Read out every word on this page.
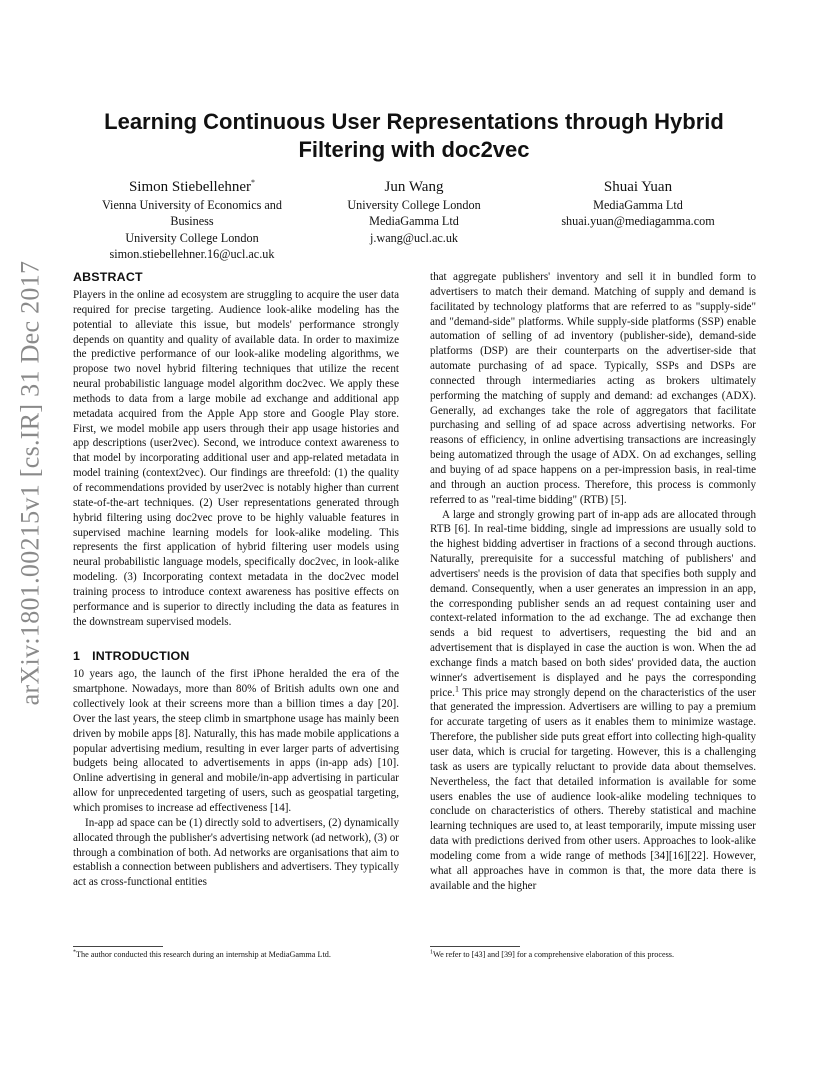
arXiv:1801.00215v1 [cs.IR] 31 Dec 2017
Learning Continuous User Representations through Hybrid Filtering with doc2vec
Simon Stiebellehner*
Vienna University of Economics and
Business
University College London
simon.stiebellehner.16@ucl.ac.uk
Jun Wang
University College London
MediaGamma Ltd
j.wang@ucl.ac.uk
Shuai Yuan
MediaGamma Ltd
shuai.yuan@mediagamma.com
ABSTRACT

Players in the online ad ecosystem are struggling to acquire the user data required for precise targeting. Audience look-alike modeling has the potential to alleviate this issue, but models' performance strongly depends on quantity and quality of available data. In order to maximize the predictive performance of our look-alike modeling algorithms, we propose two novel hybrid filtering techniques that utilize the recent neural probabilistic language model algorithm doc2vec. We apply these methods to data from a large mobile ad exchange and additional app metadata acquired from the Apple App store and Google Play store. First, we model mobile app users through their app usage histories and app descriptions (user2vec). Second, we introduce context awareness to that model by incorporating additional user and app-related metadata in model training (context2vec). Our findings are threefold: (1) the quality of recommendations provided by user2vec is notably higher than current state-of-the-art techniques. (2) User representations generated through hybrid filtering using doc2vec prove to be highly valuable features in supervised machine learning models for look-alike modeling. This represents the first application of hybrid filtering user models using neural probabilistic language models, specifically doc2vec, in look-alike modeling. (3) Incorporating context metadata in the doc2vec model training process to introduce context awareness has positive effects on performance and is superior to directly including the data as features in the downstream supervised models.

1 INTRODUCTION

10 years ago, the launch of the first iPhone heralded the era of the smartphone. Nowadays, more than 80% of British adults own one and collectively look at their screens more than a billion times a day [20]. Over the last years, the steep climb in smartphone usage has mainly been driven by mobile apps [8]. Naturally, this has made mobile applications a popular advertising medium, resulting in ever larger parts of advertising budgets being allocated to advertisements in apps (in-app ads) [10]. Online advertising in general and mobile/in-app advertising in particular allow for unprecedented targeting of users, such as geospatial targeting, which promises to increase ad effectiveness [14].

In-app ad space can be (1) directly sold to advertisers, (2) dynamically allocated through the publisher's advertising network (ad network), (3) or through a combination of both. Ad networks are organisations that aim to establish a connection between publishers and advertisers. They typically act as cross-functional entities

that aggregate publishers' inventory and sell it in bundled form to advertisers to match their demand. Matching of supply and demand is facilitated by technology platforms that are referred to as "supply-side" and "demand-side" platforms. While supply-side platforms (SSP) enable automation of selling of ad inventory (publisher-side), demand-side platforms (DSP) are their counterparts on the advertiser-side that automate purchasing of ad space. Typically, SSPs and DSPs are connected through intermediaries acting as brokers ultimately performing the matching of supply and demand: ad exchanges (ADX). Generally, ad exchanges take the role of aggregators that facilitate purchasing and selling of ad space across advertising networks. For reasons of efficiency, in online advertising transactions are increasingly being automatized through the usage of ADX. On ad exchanges, selling and buying of ad space happens on a per-impression basis, in real-time and through an auction process. Therefore, this process is commonly referred to as "real-time bidding" (RTB) [5].

A large and strongly growing part of in-app ads are allocated through RTB [6]. In real-time bidding, single ad impressions are usually sold to the highest bidding advertiser in fractions of a second through auctions. Naturally, prerequisite for a successful matching of publishers' and advertisers' needs is the provision of data that specifies both supply and demand. Consequently, when a user generates an impression in an app, the corresponding publisher sends an ad request containing user and context-related information to the ad exchange. The ad exchange then sends a bid request to advertisers, requesting the bid and an advertisement that is displayed in case the auction is won. When the ad exchange finds a match based on both sides' provided data, the auction winner's advertisement is displayed and he pays the corresponding price.$^1$ This price may strongly depend on the characteristics of the user that generated the impression. Advertisers are willing to pay a premium for accurate targeting of users as it enables them to minimize wastage. Therefore, the publisher side puts great effort into collecting high-quality user data, which is crucial for targeting. However, this is a challenging task as users are typically reluctant to provide data about themselves. Nevertheless, the fact that detailed information is available for some users enables the use of audience look-alike modeling techniques to conclude on characteristics of others. Thereby statistical and machine learning techniques are used to, at least temporarily, impute missing user data with predictions derived from other users. Approaches to look-alike modeling come from a wide range of methods [34][16][22]. However, what all approaches have in common is that, the more data there is available and the higher

*The author conducted this research during an internship at MediaGamma Ltd.	$^1$We refer to [43] and [39] for a comprehensive elaboration of this process.
